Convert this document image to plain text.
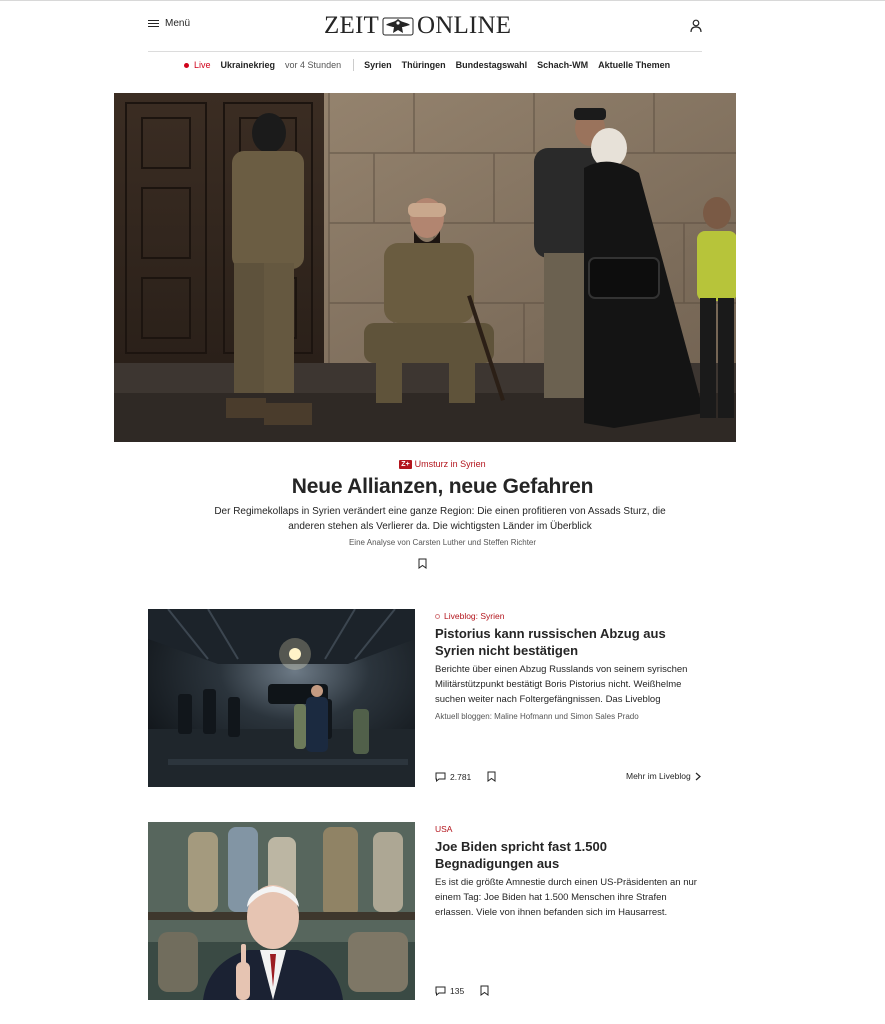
Menü	ZEIT ONLINE
Live Ukrainekrieg vor 4 Stunden	Syrien Thüringen Bundestagswahl Schach-WM Aktuelle Themen
Z+ Umsturz in Syrien
Neue Allianzen, neue Gefahren
Der Regimekollaps in Syrien verändert eine ganze Region: Die einen profitieren von Assads Sturz, die anderen stehen als Verlierer da. Die wichtigsten Länder im Überblick
Eine Analyse von Carsten Luther und Steffen Richter
Liveblog: Syrien
Pistorius kann russischen Abzug aus Syrien nicht bestätigen
Berichte über einen Abzug Russlands von seinem syrischen Militärstützpunkt bestätigt Boris Pistorius nicht. Weißhelme suchen weiter nach Foltergefängnissen. Das Liveblog
Aktuell bloggen: Maline Hofmann und Simon Sales Prado
2.781	Mehr im Liveblog
USA
Joe Biden spricht fast 1.500 Begnadigungen aus
Es ist die größte Amnestie durch einen US-Präsidenten an nur einem Tag: Joe Biden hat 1.500 Menschen ihre Strafen erlassen. Viele von ihnen befanden sich im Hausarrest.
135
